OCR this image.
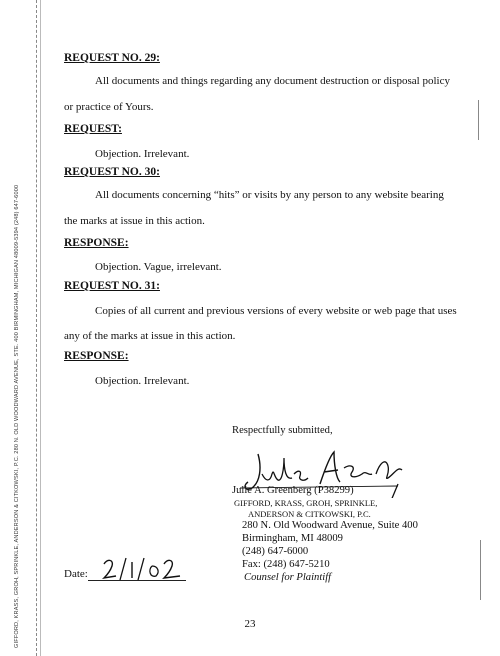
GIFFORD, KRASS, GROH, SPRINKLE, ANDERSON & CITKOWSKI, P.C. 280 N. OLD WOODWARD AVENUE, STE. 400 BIRMINGHAM, MICHIGAN 48009-5394 (248) 647-6000
REQUEST NO. 29:
All documents and things regarding any document destruction or disposal policy
or practice of Yours.
REQUEST:
Objection. Irrelevant.
REQUEST NO. 30:
All documents concerning “hits” or visits by any person to any website bearing
the marks at issue in this action.
RESPONSE:
Objection. Vague, irrelevant.
REQUEST NO. 31:
Copies of all current and previous versions of every website or web page that uses
any of the marks at issue in this action.
RESPONSE:
Objection. Irrelevant.
Respectfully submitted,
Julie A. Greenberg (P38299)
GIFFORD, KRASS, GROH, SPRINKLE,
ANDERSON & CITKOWSKI, P.C.
280 N. Old Woodward Avenue, Suite 400
Birmingham, MI 48009
(248) 647-6000
Fax: (248) 647-5210
Counsel for Plaintiff
Date:
23
